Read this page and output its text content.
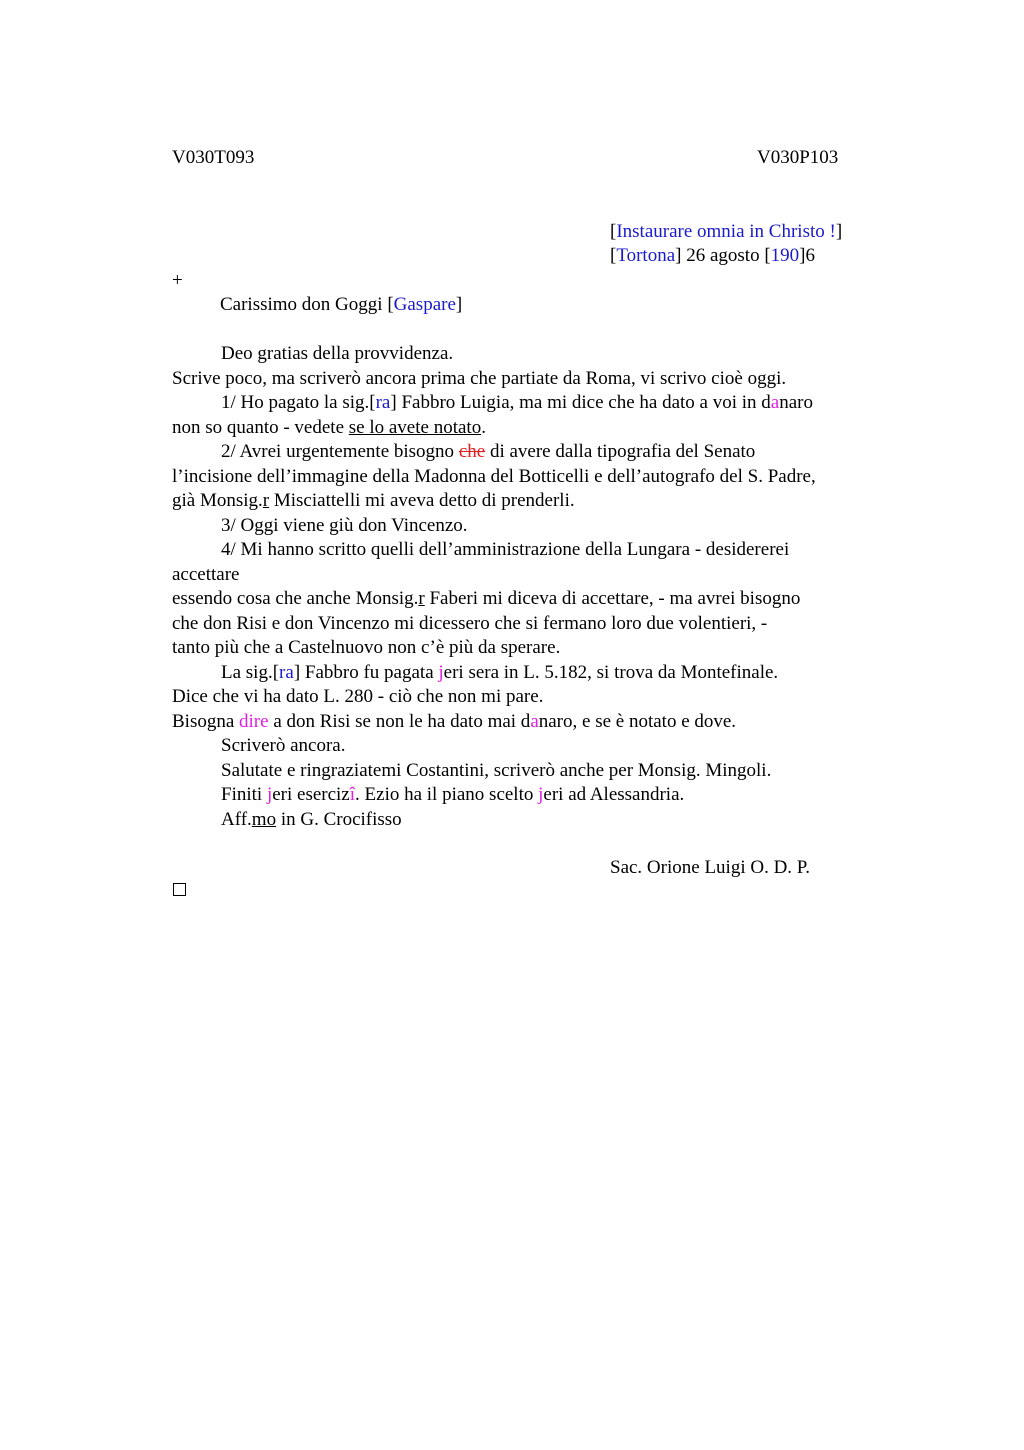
V030T093	V030P103
[Instaurare omnia in Christo !]
[Tortona] 26 agosto [190]6
+
Carissimo don Goggi [Gaspare]
Deo gratias della provvidenza.
Scrive poco, ma scriverò ancora prima che partiate da Roma, vi scrivo cioè oggi.
1/ Ho pagato la sig.[ra] Fabbro Luigia, ma mi dice che ha dato a voi in danaro
non so quanto - vedete se lo avete notato.
2/ Avrei urgentemente bisogno che di avere dalla tipografia del Senato
l’incisione dell’immagine della Madonna del Botticelli e dell’autografo del S. Padre,
già Monsig.r Misciattelli mi aveva detto di prenderli.
3/ Oggi viene giù don Vincenzo.
4/ Mi hanno scritto quelli dell’amministrazione della Lungara - desidererei
accettare
essendo cosa che anche Monsig.r Faberi mi diceva di accettare, - ma avrei bisogno
che don Risi e don Vincenzo mi dicessero che si fermano loro due volentieri, -
tanto più che a Castelnuovo non c’è più da sperare.
La sig.[ra] Fabbro fu pagata jeri sera in L. 5.182, si trova da Montefinale.
Dice che vi ha dato L. 280 - ciò che non mi pare.
Bisogna dire a don Risi se non le ha dato mai danaro, e se è notato e dove.
Scriverò ancora.
Salutate e ringraziatemi Costantini, scriverò anche per Monsig. Mingoli.
Finiti jeri esercizî. Ezio ha il piano scelto jeri ad Alessandria.
Aff.mo in G. Crocifisso
Sac. Orione Luigi O. D. P.
